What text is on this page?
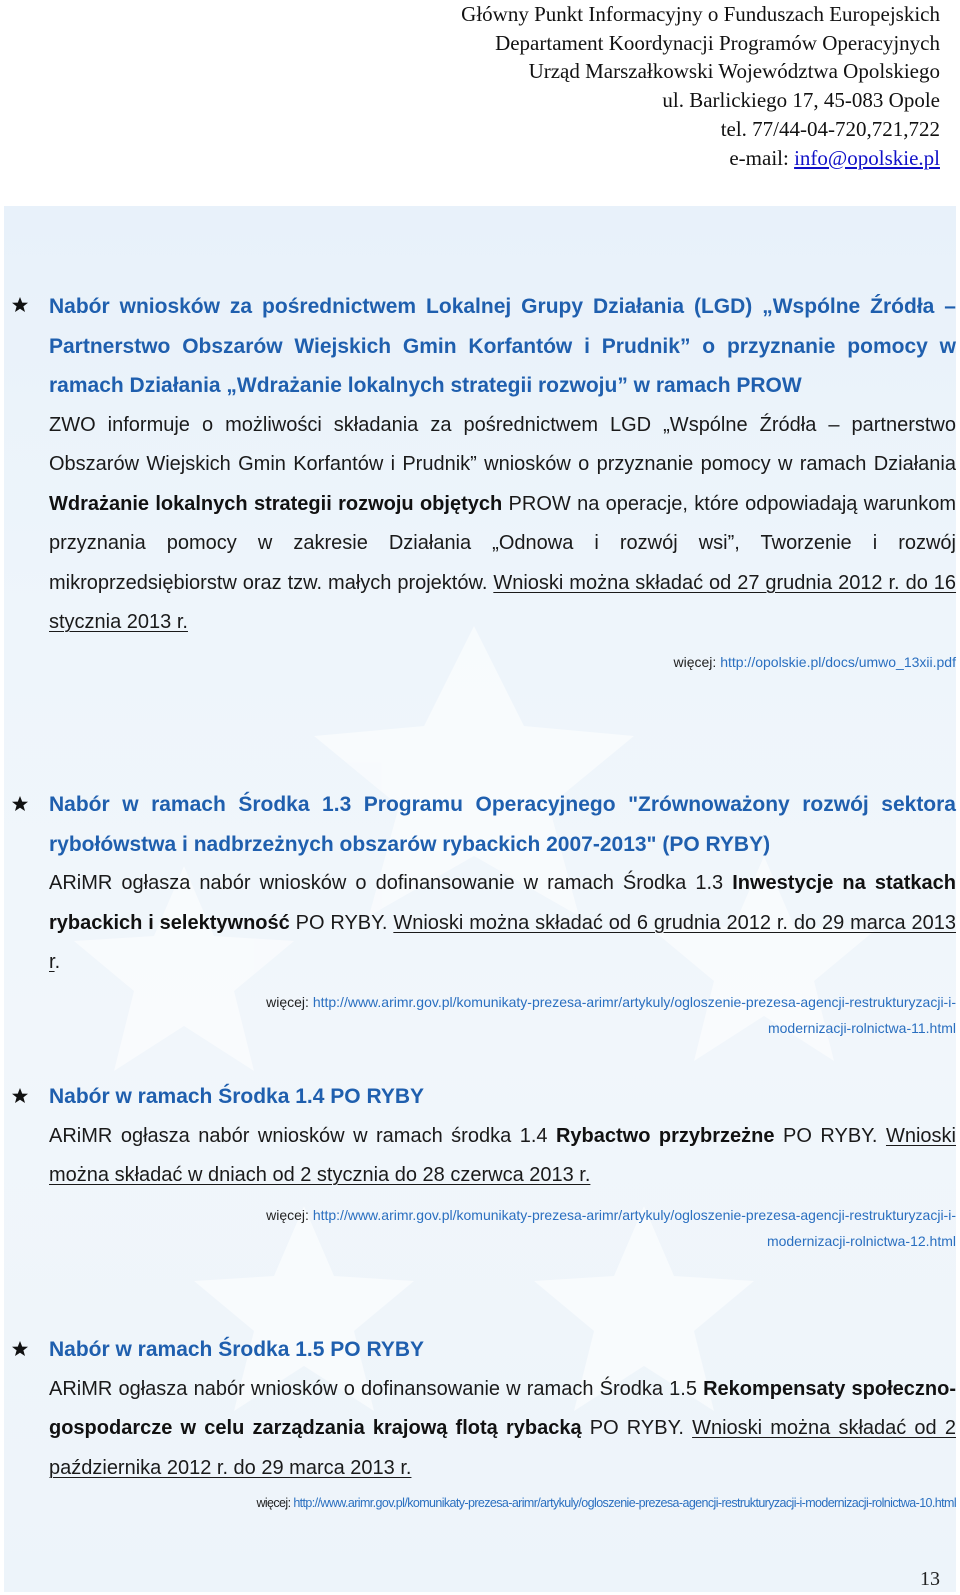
Główny Punkt Informacyjny o Funduszach Europejskich
Departament Koordynacji Programów Operacyjnych
Urząd Marszałkowski Województwa Opolskiego
ul. Barlickiego 17, 45-083 Opole
tel. 77/44-04-720,721,722
e-mail: info@opolskie.pl

Nabór wniosków za pośrednictwem Lokalnej Grupy Działania (LGD) „Wspólne Źródła – Partnerstwo Obszarów Wiejskich Gmin Korfantów i Prudnik” o przyznanie pomocy w ramach Działania „Wdrażanie lokalnych strategii rozwoju” w ramach PROW

ZWO informuje o możliwości składania za pośrednictwem LGD „Wspólne Źródła – partnerstwo Obszarów Wiejskich Gmin Korfantów i Prudnik” wniosków o przyznanie pomocy w ramach Działania Wdrażanie lokalnych strategii rozwoju objętych PROW na operacje, które odpowiadają warunkom przyznania pomocy w zakresie Działania „Odnowa i rozwój wsi”, Tworzenie i rozwój mikroprzedsiębiorstw oraz tzw. małych projektów. Wnioski można składać od 27 grudnia 2012 r. do 16 stycznia 2013 r.

więcej: http://opolskie.pl/docs/umwo_13xii.pdf

Nabór w ramach Środka 1.3 Programu Operacyjnego "Zrównoważony rozwój sektora rybołówstwa i nadbrzeżnych obszarów rybackich 2007-2013" (PO RYBY)

ARiMR ogłasza nabór wniosków o dofinansowanie w ramach Środka 1.3 Inwestycje na statkach rybackich i selektywność PO RYBY. Wnioski można składać od 6 grudnia 2012 r. do 29 marca 2013 r.

więcej: http://www.arimr.gov.pl/komunikaty-prezesa-arimr/artykuly/ogloszenie-prezesa-agencji-restrukturyzacji-i-
modernizacji-rolnictwa-11.html

Nabór w ramach Środka 1.4 PO RYBY

ARiMR ogłasza nabór wniosków w ramach środka 1.4 Rybactwo przybrzeżne PO RYBY. Wnioski można składać w dniach od 2 stycznia do 28 czerwca 2013 r.

więcej: http://www.arimr.gov.pl/komunikaty-prezesa-arimr/artykuly/ogloszenie-prezesa-agencji-restrukturyzacji-i-
modernizacji-rolnictwa-12.html

Nabór w ramach Środka 1.5 PO RYBY

ARiMR ogłasza nabór wniosków o dofinansowanie w ramach Środka 1.5 Rekompensaty społeczno-gospodarcze w celu zarządzania krajową flotą rybacką PO RYBY. Wnioski można składać od 2 października 2012 r. do 29 marca 2013 r.

więcej: http://www.arimr.gov.pl/komunikaty-prezesa-arimr/artykuly/ogloszenie-prezesa-agencji-restrukturyzacji-i-modernizacji-rolnictwa-10.html
13
